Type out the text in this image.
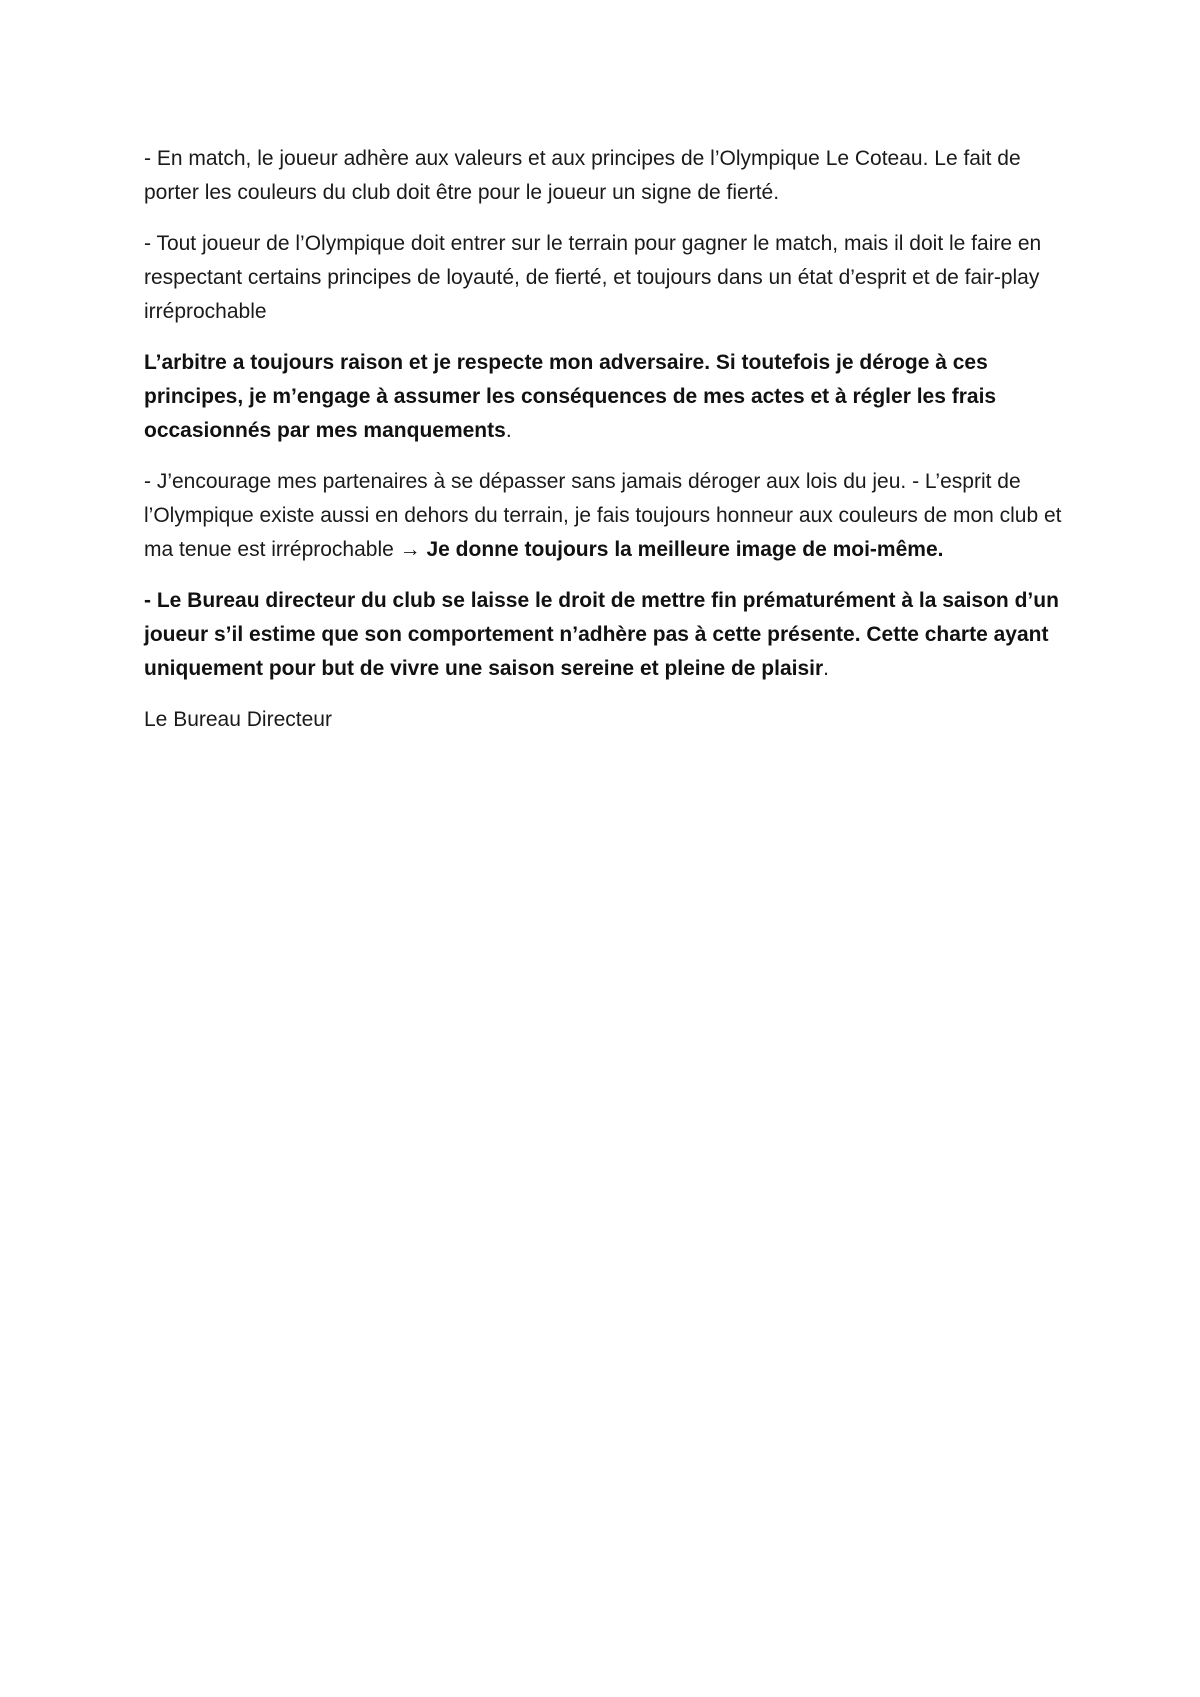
- En match, le joueur adhère aux valeurs et aux principes de l’Olympique Le Coteau. Le fait de porter les couleurs du club doit être pour le joueur un signe de fierté.

- Tout joueur de l’Olympique doit entrer sur le terrain pour gagner le match, mais il doit le faire en respectant certains principes de loyauté, de fierté, et toujours dans un état d’esprit et de fair-play irréprochable

L’arbitre a toujours raison et je respecte mon adversaire. Si toutefois je déroge à ces principes, je m’engage à assumer les conséquences de mes actes et à régler les frais occasionnés par mes manquements.

- J’encourage mes partenaires à se dépasser sans jamais déroger aux lois du jeu. - L’esprit de l’Olympique existe aussi en dehors du terrain, je fais toujours honneur aux couleurs de mon club et ma tenue est irréprochable → Je donne toujours la meilleure image de moi-même.

- Le Bureau directeur du club se laisse le droit de mettre fin prématurément à la saison d’un joueur s’il estime que son comportement n’adhère pas à cette présente. Cette charte ayant uniquement pour but de vivre une saison sereine et pleine de plaisir.

Le Bureau Directeur
